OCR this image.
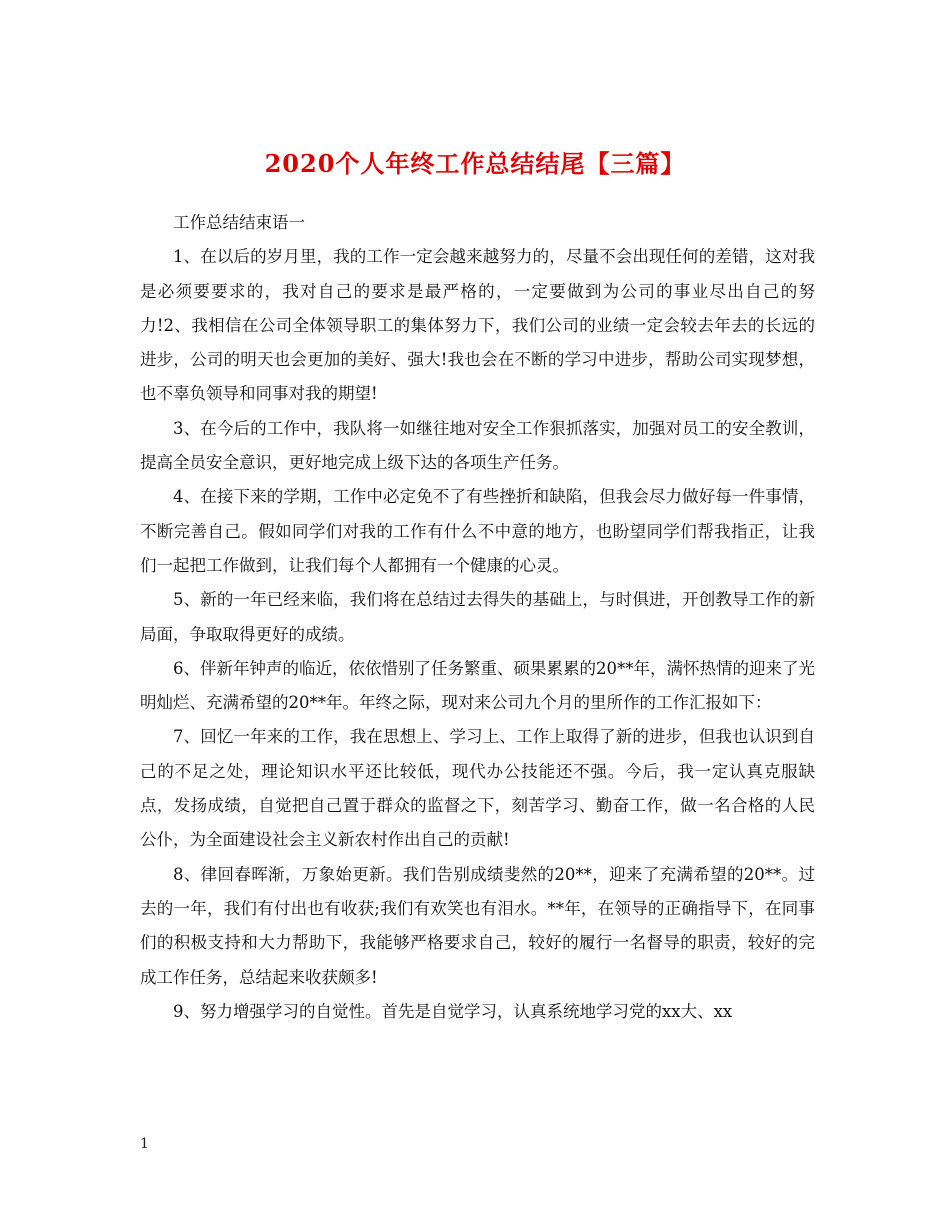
2020个人年终工作总结结尾【三篇】

工作总结结束语一

1、在以后的岁月里，我的工作一定会越来越努力的，尽量不会出现任何的差错，这对我是必须要要求的，我对自己的要求是最严格的，一定要做到为公司的事业尽出自己的努力!2、我相信在公司全体领导职工的集体努力下，我们公司的业绩一定会较去年去的长远的进步，公司的明天也会更加的美好、强大!我也会在不断的学习中进步，帮助公司实现梦想，也不辜负领导和同事对我的期望!

3、在今后的工作中，我队将一如继往地对安全工作狠抓落实，加强对员工的安全教训，提高全员安全意识，更好地完成上级下达的各项生产任务。

4、在接下来的学期，工作中必定免不了有些挫折和缺陷，但我会尽力做好每一件事情，不断完善自己。假如同学们对我的工作有什么不中意的地方，也盼望同学们帮我指正，让我们一起把工作做到，让我们每个人都拥有一个健康的心灵。

5、新的一年已经来临，我们将在总结过去得失的基础上，与时俱进，开创教导工作的新局面，争取取得更好的成绩。

6、伴新年钟声的临近，依依惜别了任务繁重、硕果累累的20**年，满怀热情的迎来了光明灿烂、充满希望的20**年。年终之际，现对来公司九个月的里所作的工作汇报如下：

7、回忆一年来的工作，我在思想上、学习上、工作上取得了新的进步，但我也认识到自己的不足之处，理论知识水平还比较低，现代办公技能还不强。今后，我一定认真克服缺点，发扬成绩，自觉把自己置于群众的监督之下，刻苦学习、勤奋工作，做一名合格的人民公仆，为全面建设社会主义新农村作出自己的贡献!

8、律回春晖渐，万象始更新。我们告别成绩斐然的20**，迎来了充满希望的20**。过去的一年，我们有付出也有收获;我们有欢笑也有泪水。**年，在领导的正确指导下，在同事们的积极支持和大力帮助下，我能够严格要求自己，较好的履行一名督导的职责，较好的完成工作任务，总结起来收获颇多!

9、努力增强学习的自觉性。首先是自觉学习，认真系统地学习党的xx大、xx

1
